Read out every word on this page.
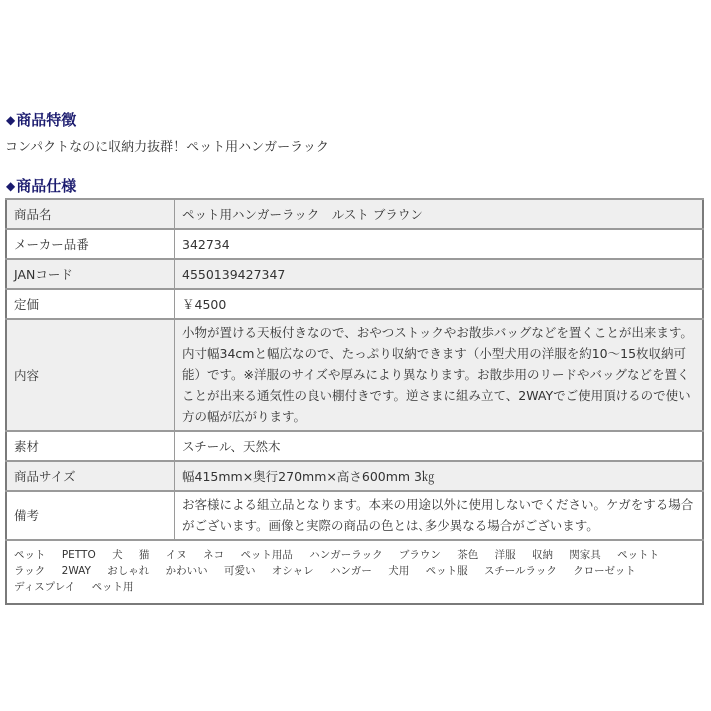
◆商品特徴
コンパクトなのに収納力抜群！ペット用ハンガーラック
◆商品仕様
商品名	ペット用ハンガーラック　ルスト ブラウン
メーカー品番	342734
JANコード	4550139427347
定価	￥4500
内容	小物が置ける天板付きなので、おやつストックやお散歩バッグなどを置くことが出来ます。内寸幅34cmと幅広なので、たっぷり収納できます（小型犬用の洋服を約10～15枚収納可能）です。※洋服のサイズや厚みにより異なります。お散歩用のリードやバッグなどを置くことが出来る通気性の良い棚付きです。逆さまに組み立て、2WAYでご使用頂けるので使い方の幅が広がります。
素材	スチール、天然木
商品サイズ	幅415mm×奥行270mm×高さ600mm 3㎏
備考	お客様による組立品となります。本来の用途以外に使用しないでください。ケガをする場合がございます。画像と実際の商品の色とは､多少異なる場合がございます。

ペット PETTO 犬 猫 イヌ ネコ ペット用品 ハンガーラック ブラウン 茶色 洋服 収納 関家具 ペットト ラック 2WAY おしゃれ かわいい 可愛い オシャレ ハンガー 犬用 ペット服 スチールラック クローゼット ディスプレイ ペット用	
